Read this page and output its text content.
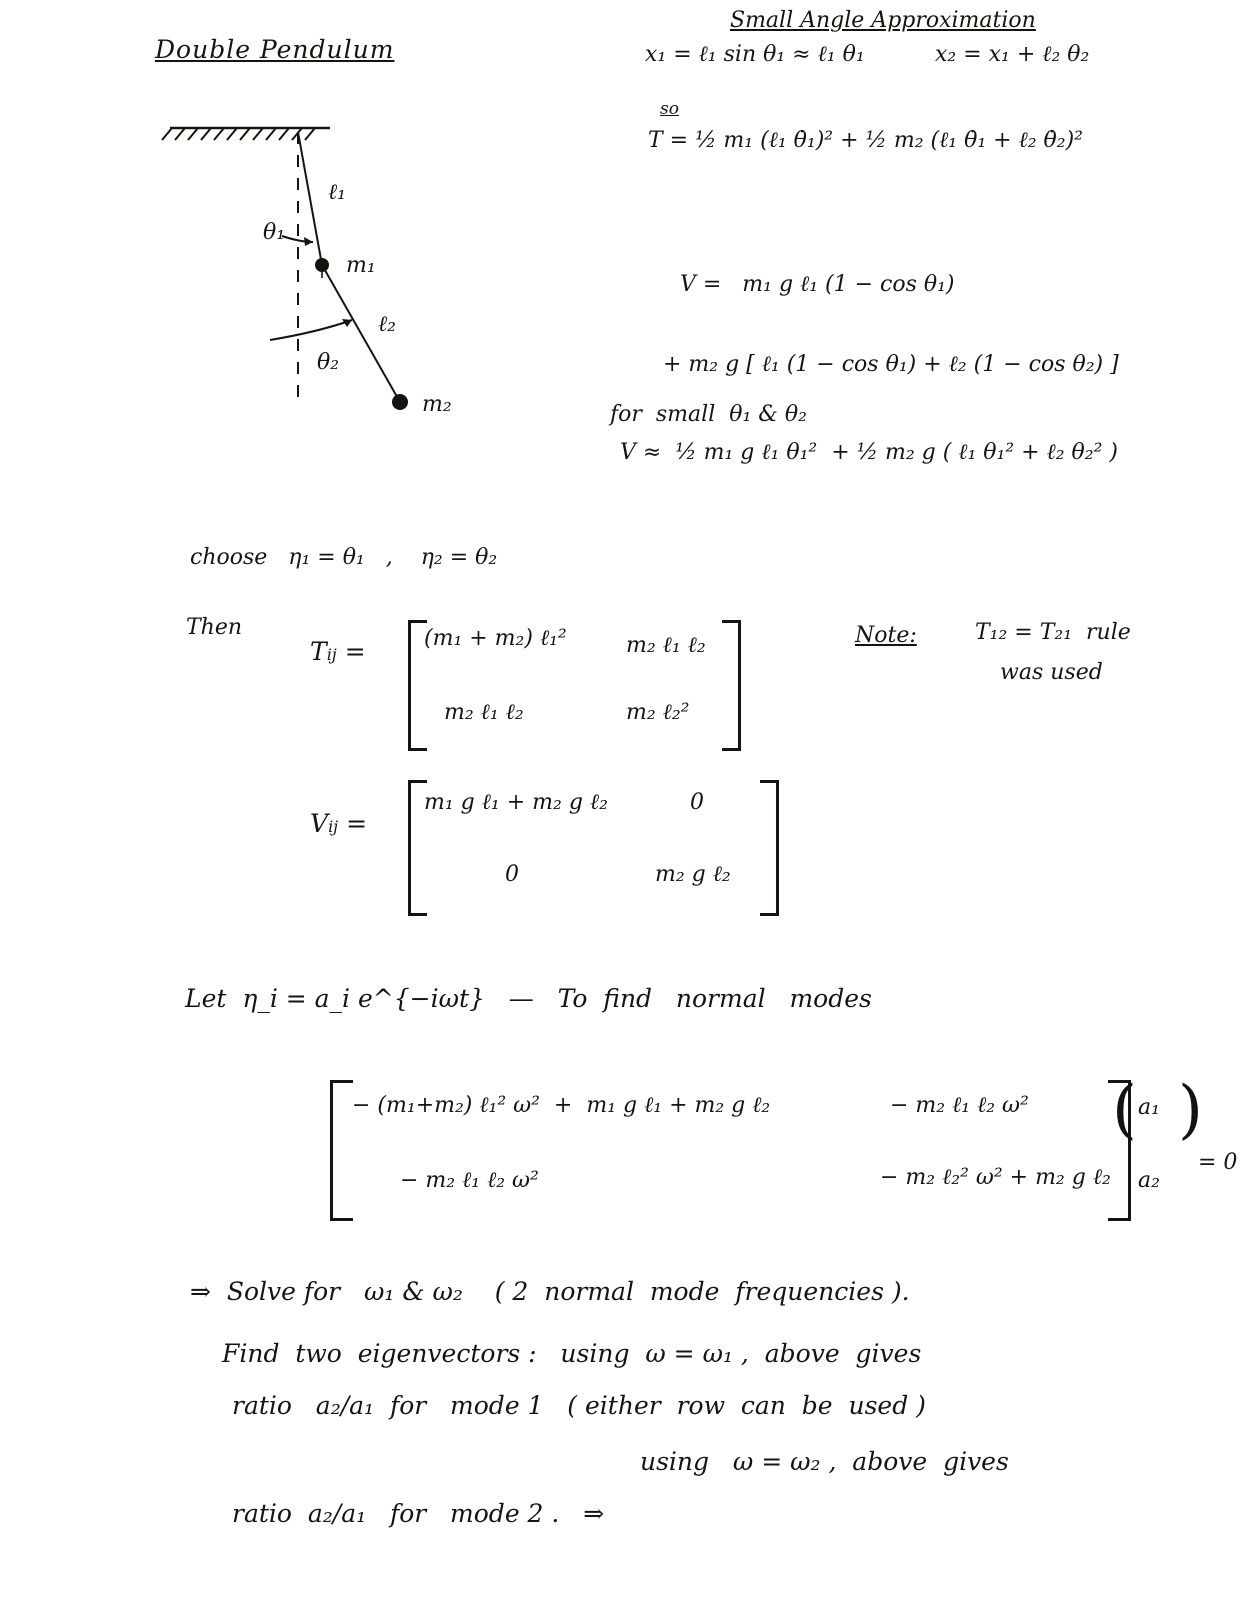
Double Pendulum
ℓ₁
θ₁
m₁
ℓ₂
θ₂
m₂
Small Angle Approximation
x₁ = ℓ₁ sin θ₁ ≈ ℓ₁ θ₁	x₂ = x₁ + ℓ₂ θ₂
so
T = ½ m₁ (ℓ₁ θ̇₁)² + ½ m₂ (ℓ₁ θ̇₁ + ℓ₂ θ̇₂)²
V =   m₁ g ℓ₁ (1 − cos θ₁)
+ m₂ g [ ℓ₁ (1 − cos θ₁) + ℓ₂ (1 − cos θ₂) ]
for  small  θ₁ & θ₂
V ≈  ½ m₁ g ℓ₁ θ₁²  + ½ m₂ g ( ℓ₁ θ₁² + ℓ₂ θ₂² )
choose   η₁ = θ₁   ,    η₂ = θ₂
Then
Tij =	(m₁ + m₂) ℓ₁²	m₂ ℓ₁ ℓ₂
m₂ ℓ₁ ℓ₂	m₂ ℓ₂²
Note:	T₁₂ = T₂₁  rule
was used
Vij =
m₁ g ℓ₁ + m₂ g ℓ₂	0
0	m₂ g ℓ₂
Let  η_i = a_i e^{−iωt}   —   To  find   normal   modes
− (m₁+m₂) ℓ₁² ω²  +  m₁ g ℓ₁ + m₂ g ℓ₂	− m₂ ℓ₁ ℓ₂ ω²
− m₂ ℓ₁ ℓ₂ ω²	− m₂ ℓ₂² ω² + m₂ g ℓ₂
( a₁
a₂
)
= 0
⇒  Solve for   ω₁ & ω₂    ( 2  normal  mode  frequencies ).
Find  two  eigenvectors :   using  ω = ω₁ ,  above  gives
ratio   a₂/a₁  for   mode 1   ( either  row  can  be  used )
using   ω = ω₂ ,  above  gives
ratio  a₂/a₁   for   mode 2 .   ⇒
